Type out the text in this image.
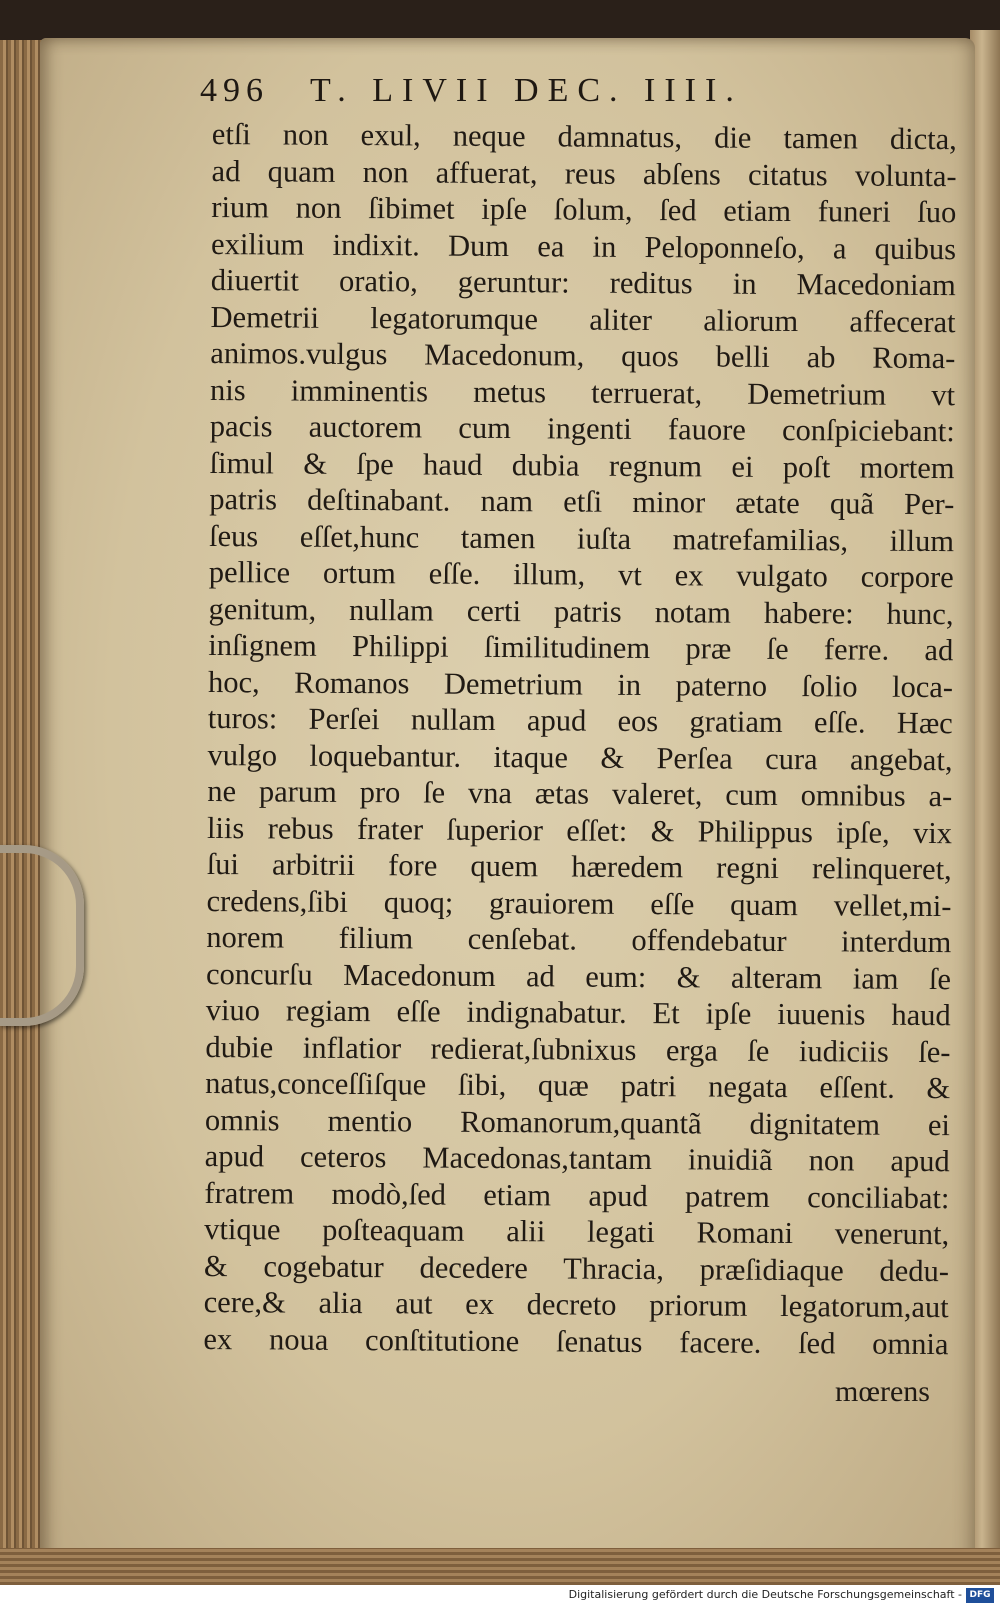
496 T. LIVII DEC. IIII.
etſi non exul, neque damnatus, die tamen dicta,
ad quam non affuerat, reus abſens citatus volunta-
rium non ſibimet ipſe ſolum, ſed etiam funeri ſuo
exilium indixit. Dum ea in Peloponneſo, a quibus
diuertit oratio, geruntur: reditus in Macedoniam
Demetrii legatorumque aliter aliorum affecerat
animos.vulgus Macedonum, quos belli ab Roma-
nis imminentis metus terruerat, Demetrium vt
pacis auctorem cum ingenti fauore conſpiciebant:
ſimul & ſpe haud dubia regnum ei poſt mortem
patris deſtinabant. nam etſi minor ætate quã Per-
ſeus eſſet,hunc tamen iuſta matrefamilias, illum
pellice ortum eſſe. illum, vt ex vulgato corpore
genitum, nullam certi patris notam habere: hunc,
inſignem Philippi ſimilitudinem præ ſe ferre. ad
hoc, Romanos Demetrium in paterno ſolio loca-
turos: Perſei nullam apud eos gratiam eſſe. Hæc
vulgo loquebantur. itaque & Perſea cura angebat,
ne parum pro ſe vna ætas valeret, cum omnibus a-
liis rebus frater ſuperior eſſet: & Philippus ipſe, vix
ſui arbitrii fore quem hæredem regni relinqueret,
credens,ſibi quoq; grauiorem eſſe quam vellet,mi-
norem filium cenſebat. offendebatur interdum
concurſu Macedonum ad eum: & alteram iam ſe
viuo regiam eſſe indignabatur. Et ipſe iuuenis haud
dubie inflatior redierat,ſubnixus erga ſe iudiciis ſe-
natus,conceſſiſque ſibi, quæ patri negata eſſent. &
omnis mentio Romanorum,quantã dignitatem ei
apud ceteros Macedonas,tantam inuidiã non apud
fratrem modò,ſed etiam apud patrem conciliabat:
vtique poſteaquam alii legati Romani venerunt,
& cogebatur decedere Thracia, præſidiaque dedu-
cere,& alia aut ex decreto priorum legatorum,aut
ex noua conſtitutione ſenatus facere. ſed omnia
mœrens
Digitalisierung gefördert durch die Deutsche Forschungsgemeinschaft - DFG
